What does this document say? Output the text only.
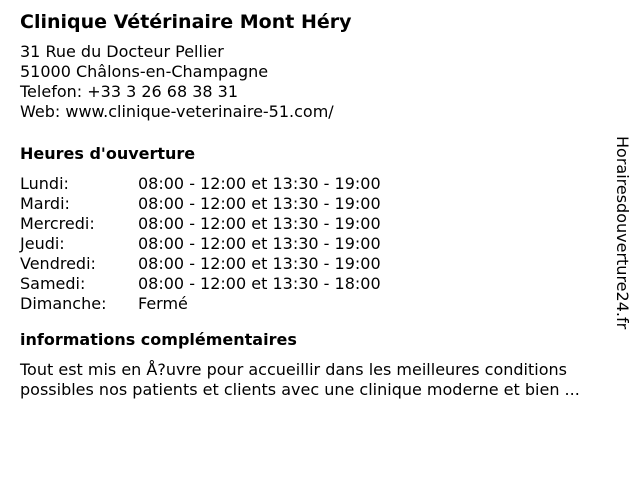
Clinique Vétérinaire Mont Héry
31 Rue du Docteur Pellier
51000 Châlons-en-Champagne
Telefon: +33 3 26 68 38 31
Web: www.clinique-veterinaire-51.com/
Heures d'ouverture
Lundi:	08:00 - 12:00 et 13:30 - 19:00
Mardi:	08:00 - 12:00 et 13:30 - 19:00
Mercredi:	08:00 - 12:00 et 13:30 - 19:00
Jeudi:	08:00 - 12:00 et 13:30 - 19:00
Vendredi:	08:00 - 12:00 et 13:30 - 19:00
Samedi:	08:00 - 12:00 et 13:30 - 18:00
Dimanche:	Fermé
informations complémentaires
Tout est mis en Å?uvre pour accueillir dans les meilleures conditions possibles nos patients et clients avec une clinique moderne et bien ...
Horairesdouverture24.fr
